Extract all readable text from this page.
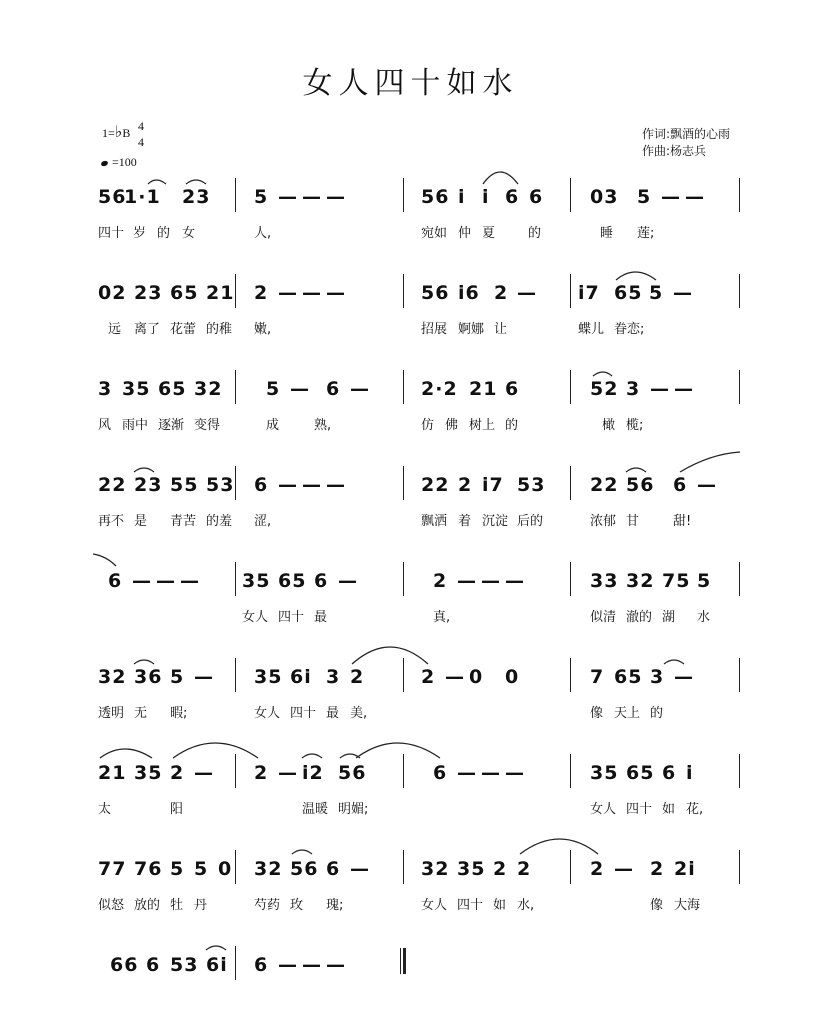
女人四十如水
1=♭B 4
4
=100
作词:飘酒的心雨
作曲:杨志兵
56
1·1 23 5 — — —	56 i i 6 6 03 5 — —
四十 岁 的 女	人,	宛如 仲 夏	的	睡 莲;
02 23 65 21 2 — — —	56 i6 2 — i7 65 5 —
远 离了 花蕾 的稚 嫩,	招展 婀娜 让	蝶儿 眷恋;
3 35 65 32 5 — 6 —	2·2 21 6	52 3 — —
风 雨中 逐渐 变得	成	熟,	仿 佛 树上 的	橄 榄;
22 23 55 53 6 — — —	22 2 i7 53 22 56 6 —
再不 是 青苦 的羞 涩,	飘洒 着 沉淀 后的	浓郁 甘	甜!
6 — — — 35 65 6 —	2 — — —	33 32 75 5
女人 四十 最	真,	似清 澈的 湖 水
32 36 5 — 35 6i 3 2	2 — 0 0	7 65 3 —
透明 无 暇;	女人 四十 最 美,	像 天上 的
21 35 2 — 2 — i2 56	6 — — —	35 65 6 i
太	阳	温暖 明媚;	女人 四十 如 花,
77 76 5 5 0 32 56 6 —	32 35 2 2	2 — 2 2i
似怒 放的 牡 丹	芍药 玫 瑰;	女人 四十 如 水,	像 大海
66 6 53 6i 6 — — —
